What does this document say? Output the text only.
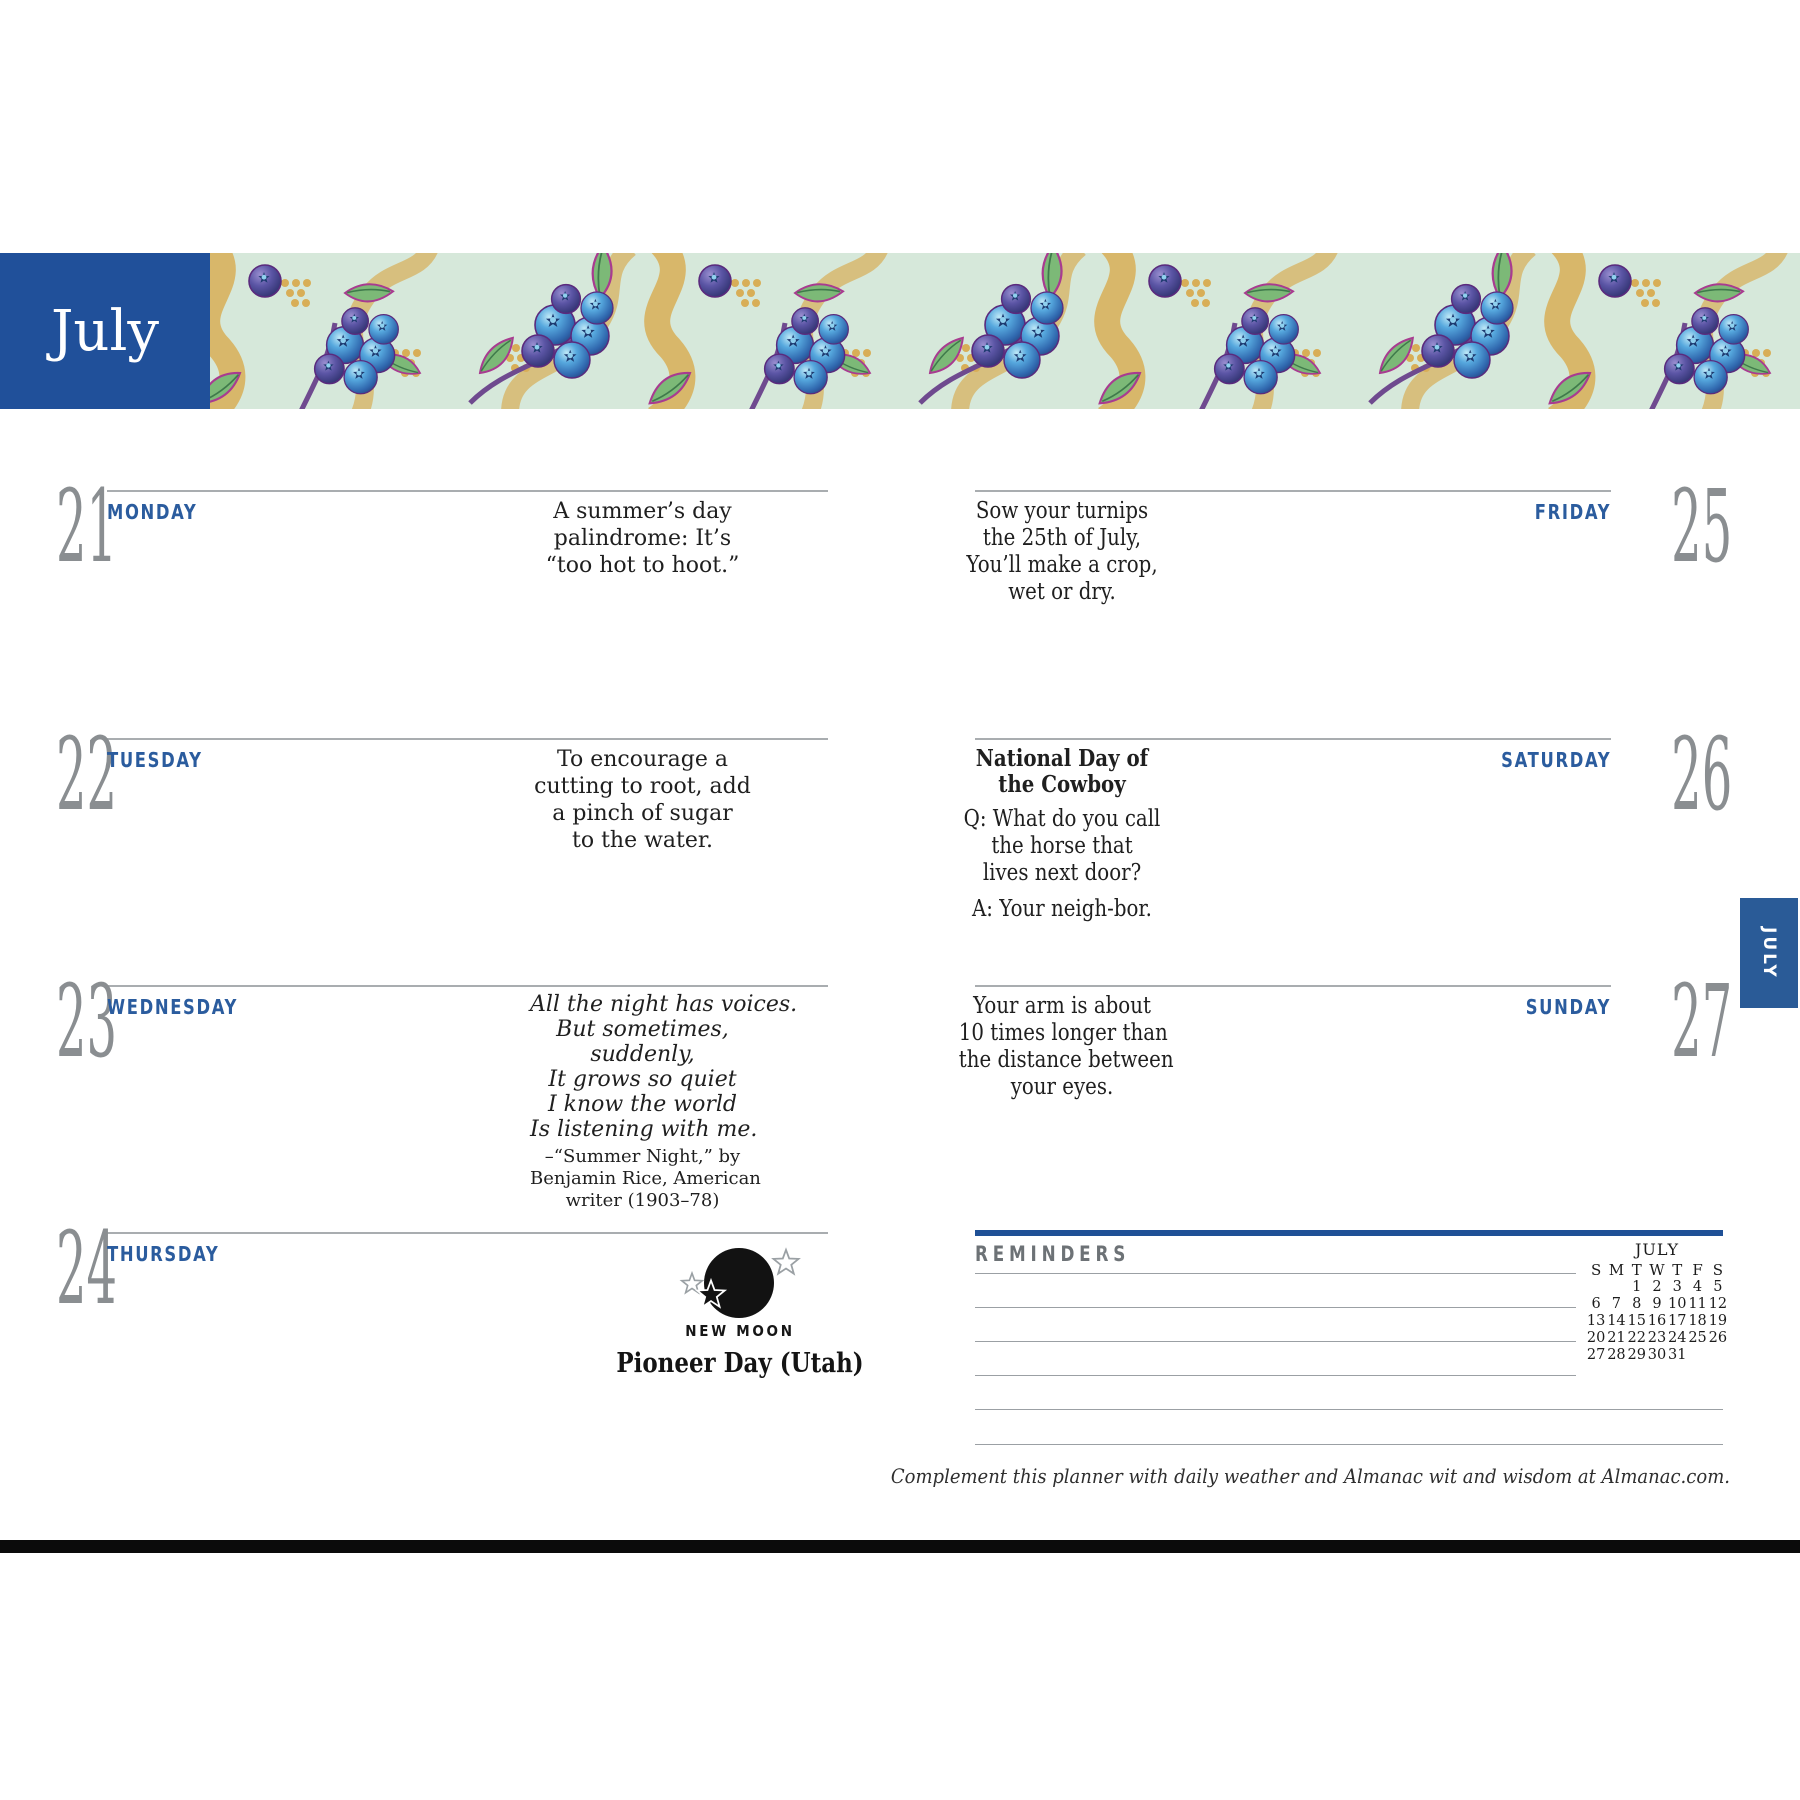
July
21
22
23
24
MONDAY
TUESDAY
WEDNESDAY
THURSDAY
A summer’s day
palindrome: It’s
“too hot to hoot.”
To encourage a
cutting to root, add
a pinch of sugar
to the water.
All the night has voices.
But sometimes,
suddenly,
It grows so quiet
I know the world
Is listening with me.
–“Summer Night,” by
Benjamin Rice, American
writer (1903–78)
NEW MOON
Pioneer Day (Utah)
25
26
27
FRIDAY
SATURDAY
SUNDAY
Sow your turnips
the 25th of July,
You’ll make a crop,
wet or dry.
National Day of
the Cowboy
Q: What do you call
the horse that
lives next door?
A: Your neigh-bor.
Your arm is about
10 times longer than
the distance between
your eyes.
REMINDERS	JULY
S M T W T F S
1 2 3 4 5
6 7 8 9 10 11 12
13 14 15 16 17 18 19
20 21 22 23 24 25 26
27 28 29 30 31
JULY
Complement this planner with daily weather and Almanac wit and wisdom at Almanac.com.
